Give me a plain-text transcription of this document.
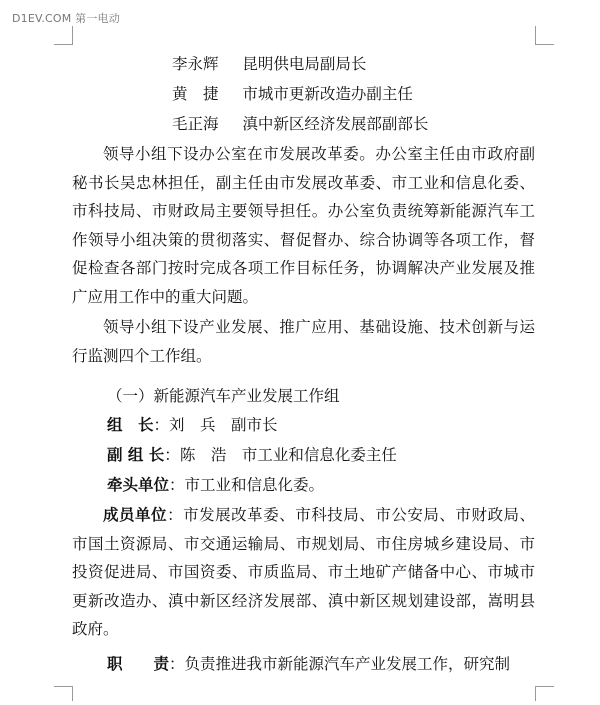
D1EV.COM 第一电动
李永辉 昆明供电局副局长
黄　捷 市城市更新改造办副主任
毛正海 滇中新区经济发展部副部长
领导小组下设办公室在市发展改革委。办公室主任由市政府副秘书长吴忠林担任，副主任由市发展改革委、市工业和信息化委、市科技局、市财政局主要领导担任。办公室负责统筹新能源汽车工作领导小组决策的贯彻落实、督促督办、综合协调等各项工作，督促检查各部门按时完成各项工作目标任务，协调解决产业发展及推广应用工作中的重大问题。
领导小组下设产业发展、推广应用、基础设施、技术创新与运行监测四个工作组。
（一）新能源汽车产业发展工作组
组　长：刘　兵　副市长
副 组 长：陈　浩　市工业和信息化委主任
牵头单位：市工业和信息化委。
成员单位：市发展改革委、市科技局、市公安局、市财政局、市国土资源局、市交通运输局、市规划局、市住房城乡建设局、市投资促进局、市国资委、市质监局、市土地矿产储备中心、市城市更新改造办、滇中新区经济发展部、滇中新区规划建设部，嵩明县政府。
职　　责：负责推进我市新能源汽车产业发展工作，研究制
